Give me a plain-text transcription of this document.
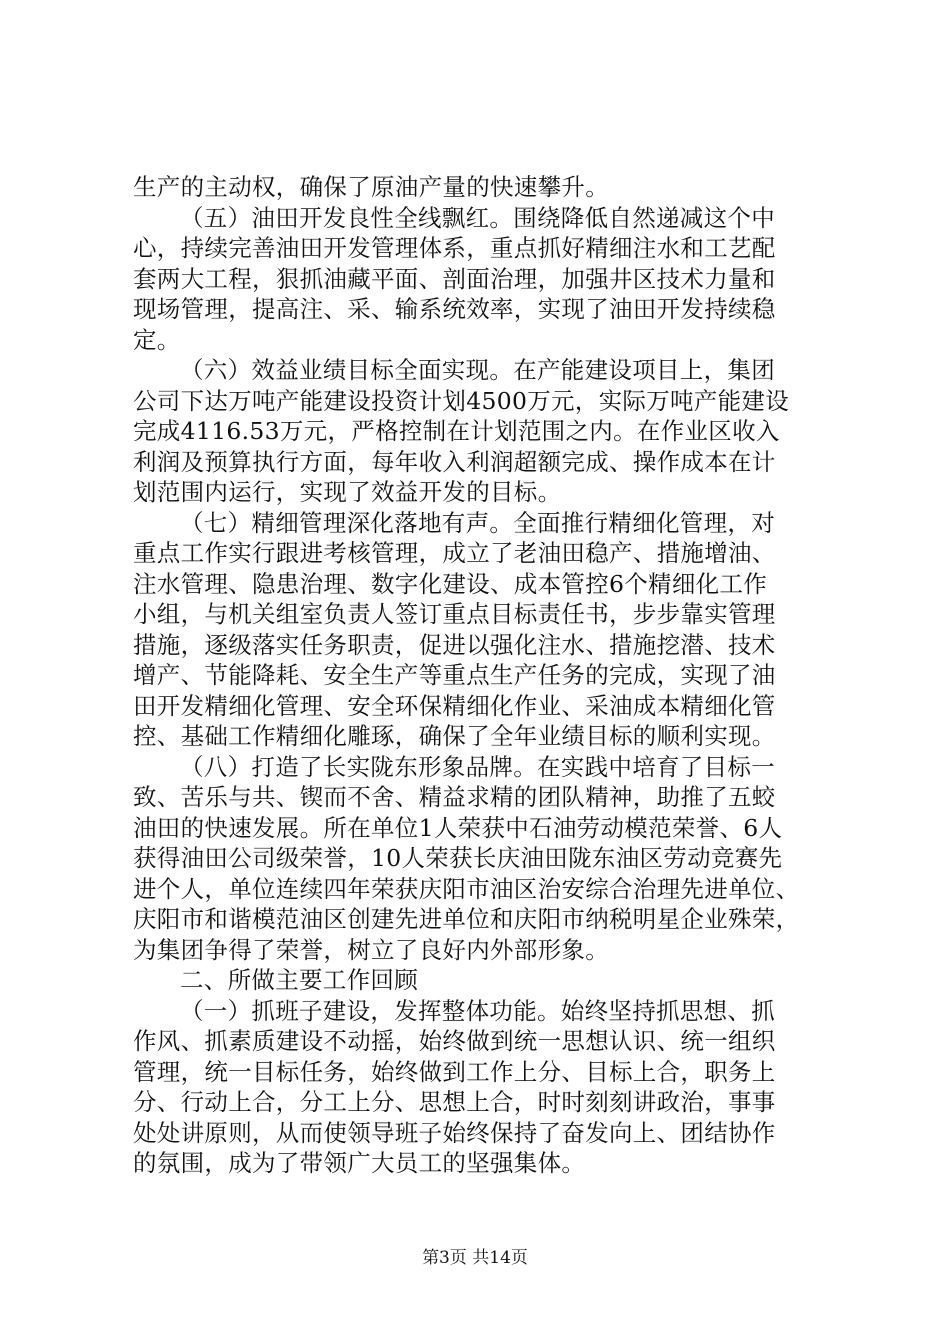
生产的主动权，确保了原油产量的快速攀升。
（五）油田开发良性全线飘红。围绕降低自然递减这个中
心，持续完善油田开发管理体系，重点抓好精细注水和工艺配
套两大工程，狠抓油藏平面、剖面治理，加强井区技术力量和
现场管理，提高注、采、输系统效率，实现了油田开发持续稳
定。
（六）效益业绩目标全面实现。在产能建设项目上，集团
公司下达万吨产能建设投资计划4500万元，实际万吨产能建设
完成4116.53万元，严格控制在计划范围之内。在作业区收入
利润及预算执行方面，每年收入利润超额完成、操作成本在计
划范围内运行，实现了效益开发的目标。
（七）精细管理深化落地有声。全面推行精细化管理，对
重点工作实行跟进考核管理，成立了老油田稳产、措施增油、
注水管理、隐患治理、数字化建设、成本管控6个精细化工作
小组，与机关组室负责人签订重点目标责任书，步步靠实管理
措施，逐级落实任务职责，促进以强化注水、措施挖潜、技术
增产、节能降耗、安全生产等重点生产任务的完成，实现了油
田开发精细化管理、安全环保精细化作业、采油成本精细化管
控、基础工作精细化雕琢，确保了全年业绩目标的顺利实现。
（八）打造了长实陇东形象品牌。在实践中培育了目标一
致、苦乐与共、锲而不舍、精益求精的团队精神，助推了五蛟
油田的快速发展。所在单位1人荣获中石油劳动模范荣誉、6人
获得油田公司级荣誉，10人荣获长庆油田陇东油区劳动竞赛先
进个人，单位连续四年荣获庆阳市油区治安综合治理先进单位、
庆阳市和谐模范油区创建先进单位和庆阳市纳税明星企业殊荣，
为集团争得了荣誉，树立了良好内外部形象。
二、所做主要工作回顾
（一）抓班子建设，发挥整体功能。始终坚持抓思想、抓
作风、抓素质建设不动摇，始终做到统一思想认识、统一组织
管理，统一目标任务，始终做到工作上分、目标上合，职务上
分、行动上合，分工上分、思想上合，时时刻刻讲政治，事事
处处讲原则，从而使领导班子始终保持了奋发向上、团结协作
的氛围，成为了带领广大员工的坚强集体。
第3页 共14页
